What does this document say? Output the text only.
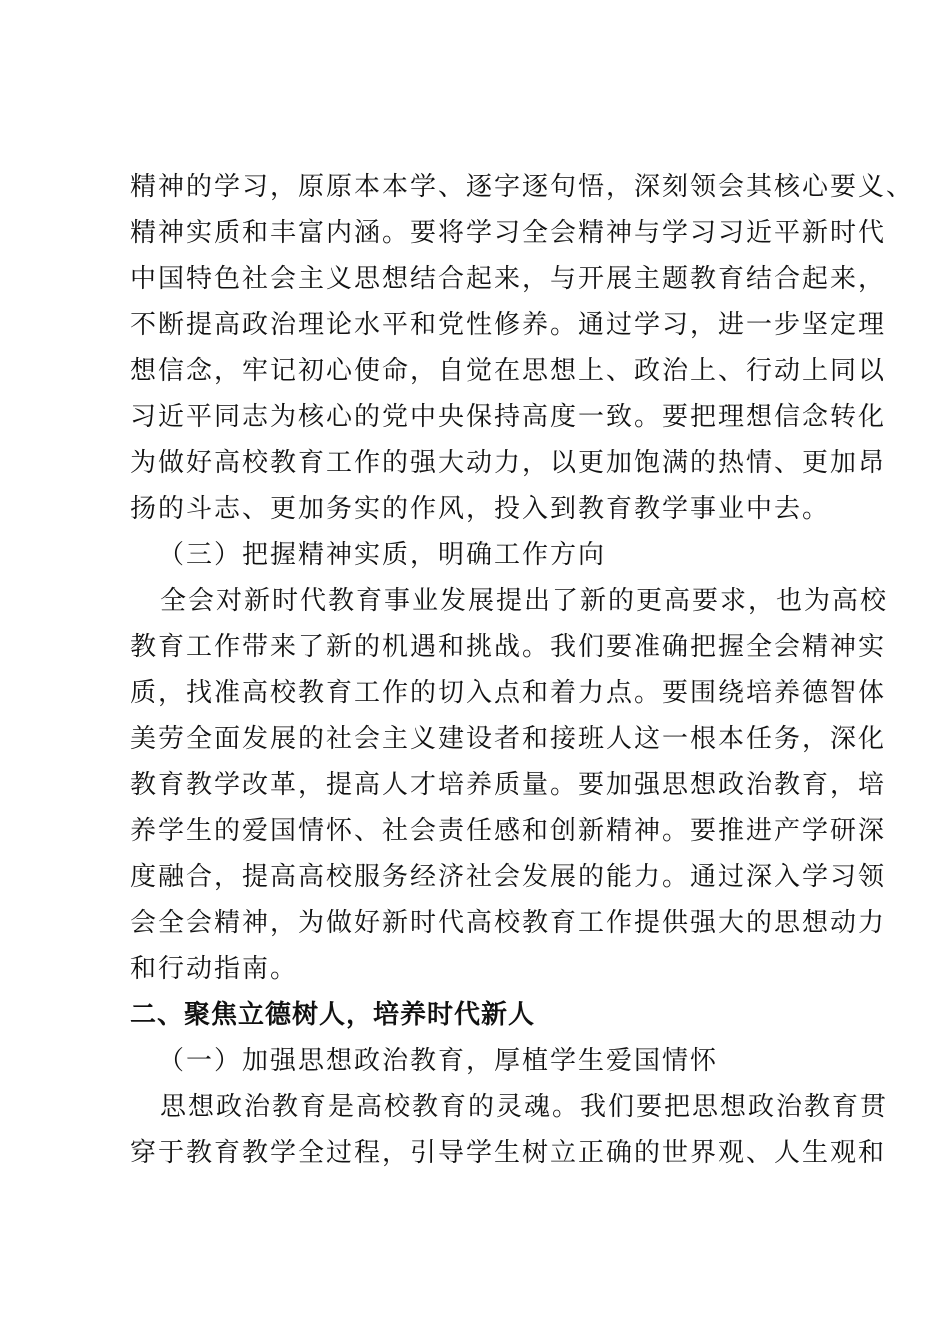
精神的学习，原原本本学、逐字逐句悟，深刻领会其核心要义、
精神实质和丰富内涵。要将学习全会精神与学习习近平新时代
中国特色社会主义思想结合起来，与开展主题教育结合起来，
不断提高政治理论水平和党性修养。通过学习，进一步坚定理
想信念，牢记初心使命，自觉在思想上、政治上、行动上同以
习近平同志为核心的党中央保持高度一致。要把理想信念转化
为做好高校教育工作的强大动力，以更加饱满的热情、更加昂
扬的斗志、更加务实的作风，投入到教育教学事业中去。
（三）把握精神实质，明确工作方向
全会对新时代教育事业发展提出了新的更高要求，也为高校
教育工作带来了新的机遇和挑战。我们要准确把握全会精神实
质，找准高校教育工作的切入点和着力点。要围绕培养德智体
美劳全面发展的社会主义建设者和接班人这一根本任务，深化
教育教学改革，提高人才培养质量。要加强思想政治教育，培
养学生的爱国情怀、社会责任感和创新精神。要推进产学研深
度融合，提高高校服务经济社会发展的能力。通过深入学习领
会全会精神，为做好新时代高校教育工作提供强大的思想动力
和行动指南。
二、聚焦立德树人，培养时代新人
（一）加强思想政治教育，厚植学生爱国情怀
思想政治教育是高校教育的灵魂。我们要把思想政治教育贯
穿于教育教学全过程，引导学生树立正确的世界观、人生观和
